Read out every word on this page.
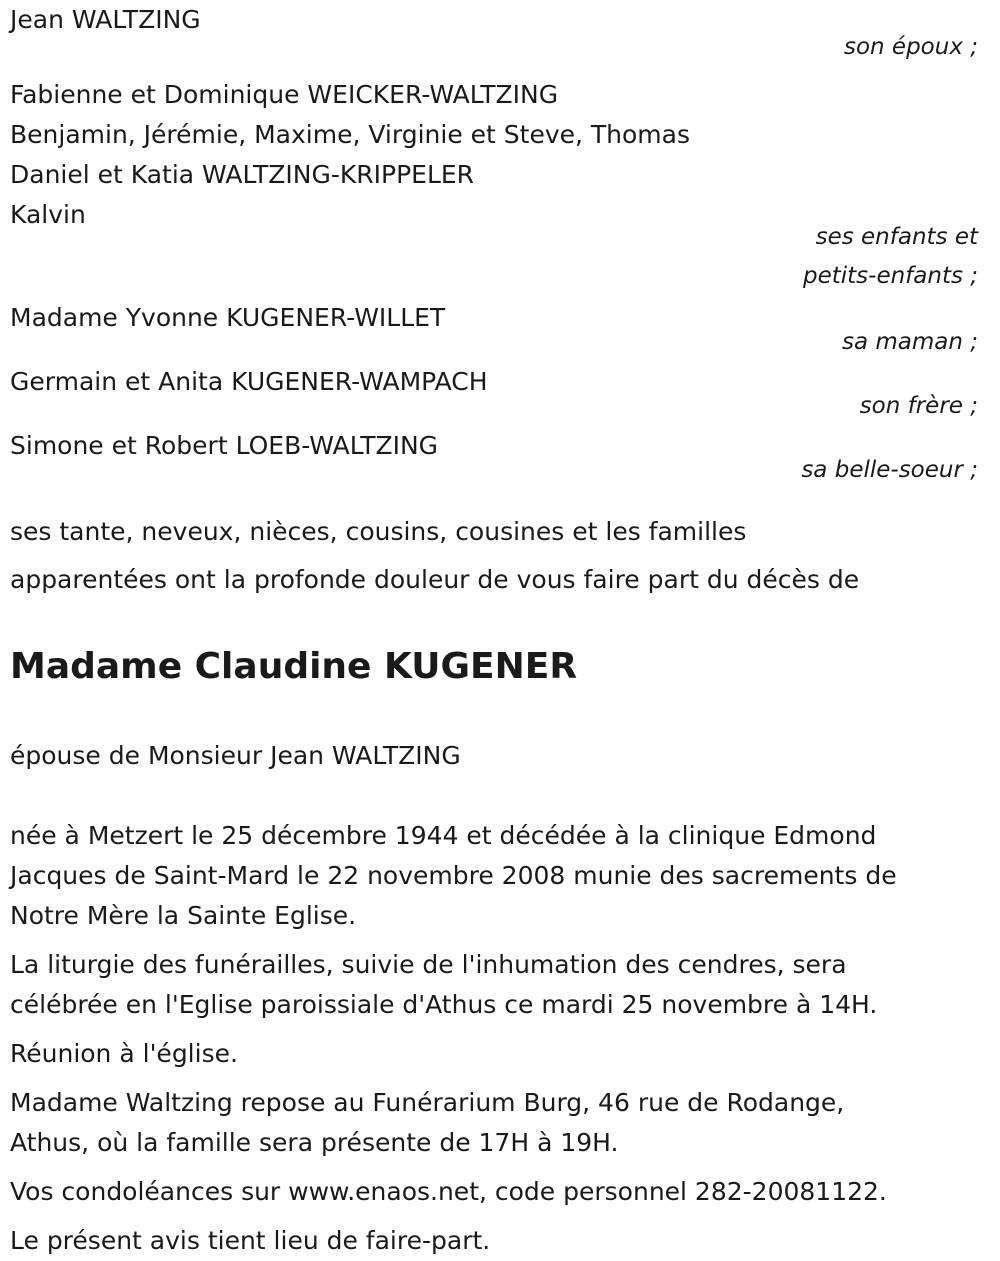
Jean WALTZING
son époux ;
Fabienne et Dominique WEICKER-WALTZING
Benjamin, Jérémie, Maxime, Virginie et Steve, Thomas
Daniel et Katia WALTZING-KRIPPELER
Kalvin
ses enfants et
petits-enfants ;
Madame Yvonne KUGENER-WILLET
sa maman ;
Germain et Anita KUGENER-WAMPACH
son frère ;
Simone et Robert LOEB-WALTZING
sa belle-soeur ;
ses tante, neveux, nièces, cousins, cousines et les familles
apparentées ont la profonde douleur de vous faire part du décès de
Madame Claudine KUGENER
épouse de Monsieur Jean WALTZING
née à Metzert le 25 décembre 1944 et décédée à la clinique Edmond
Jacques de Saint-Mard le 22 novembre 2008 munie des sacrements de
Notre Mère la Sainte Eglise.
La liturgie des funérailles, suivie de l'inhumation des cendres, sera
célébrée en l'Eglise paroissiale d'Athus ce mardi 25 novembre à 14H.
Réunion à l'église.
Madame Waltzing repose au Funérarium Burg, 46 rue de Rodange,
Athus, où la famille sera présente de 17H à 19H.
Vos condoléances sur www.enaos.net, code personnel 282-20081122.
Le présent avis tient lieu de faire-part.
